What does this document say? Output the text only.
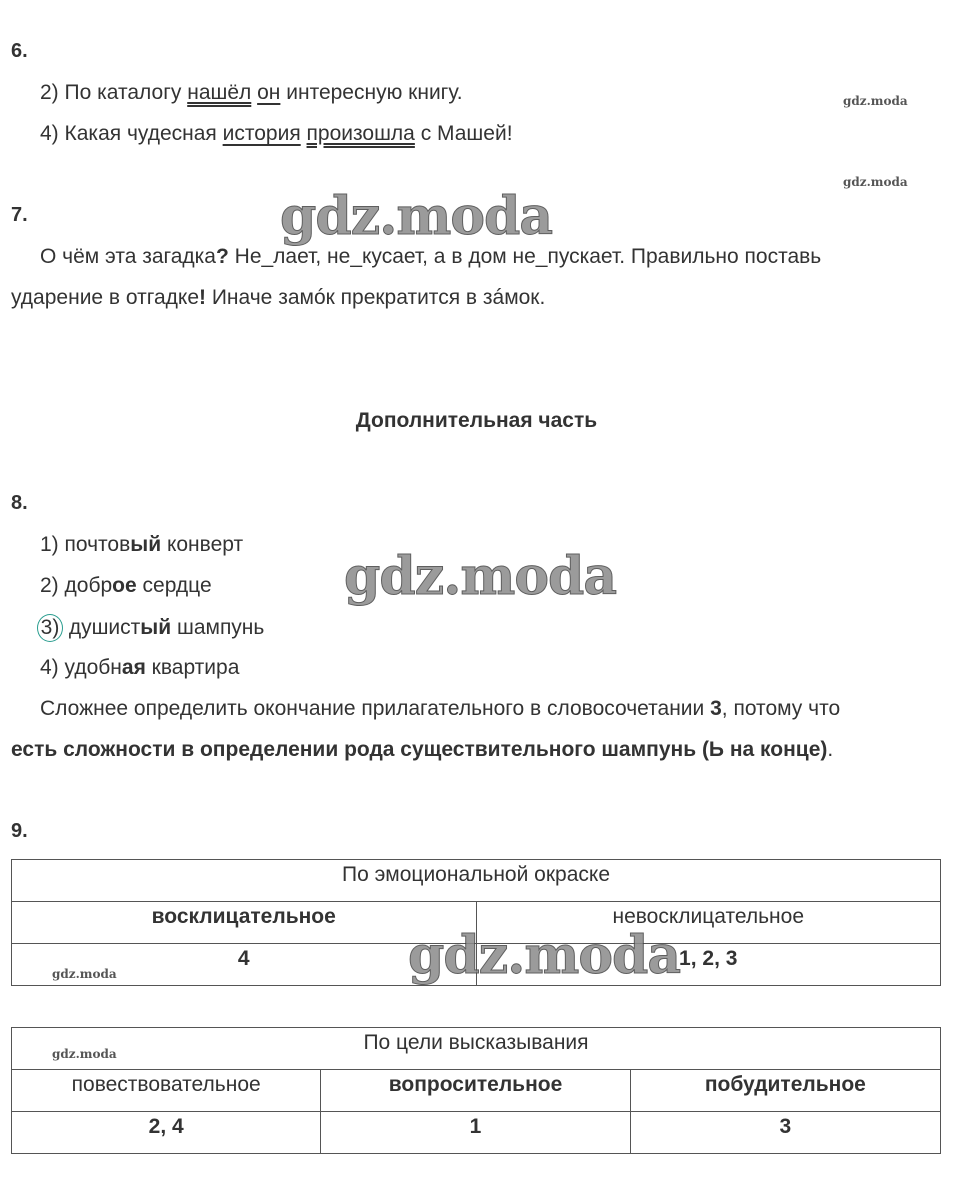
6.
2) По каталогу нашёл он интересную книгу.
4) Какая чудесная история произошла с Машей!
gdz.moda
gdz.moda
7.	gdz.moda
О чём эта загадка? Не_лает, не_кусает, а в дом не_пускает. Правильно поставь
ударение в отгадке! Иначе замóк прекратится в зáмок.
Дополнительная часть
8.
1) почтовый конверт
2) доброе сердце
3) душистый шампунь
4) удобная квартира
gdz.moda
Сложнее определить окончание прилагательного в словосочетании 3, потому что
есть сложности в определении рода существительного шампунь (Ь на конце).
9.
По эмоциональной окраске	
восклицательное	невосклицательное
4	1, 2, 3
gdz.moda
gdz.moda
По цели высказывания		
повествовательное	вопросительное	побудительное
2, 4	1	3
gdz.moda
